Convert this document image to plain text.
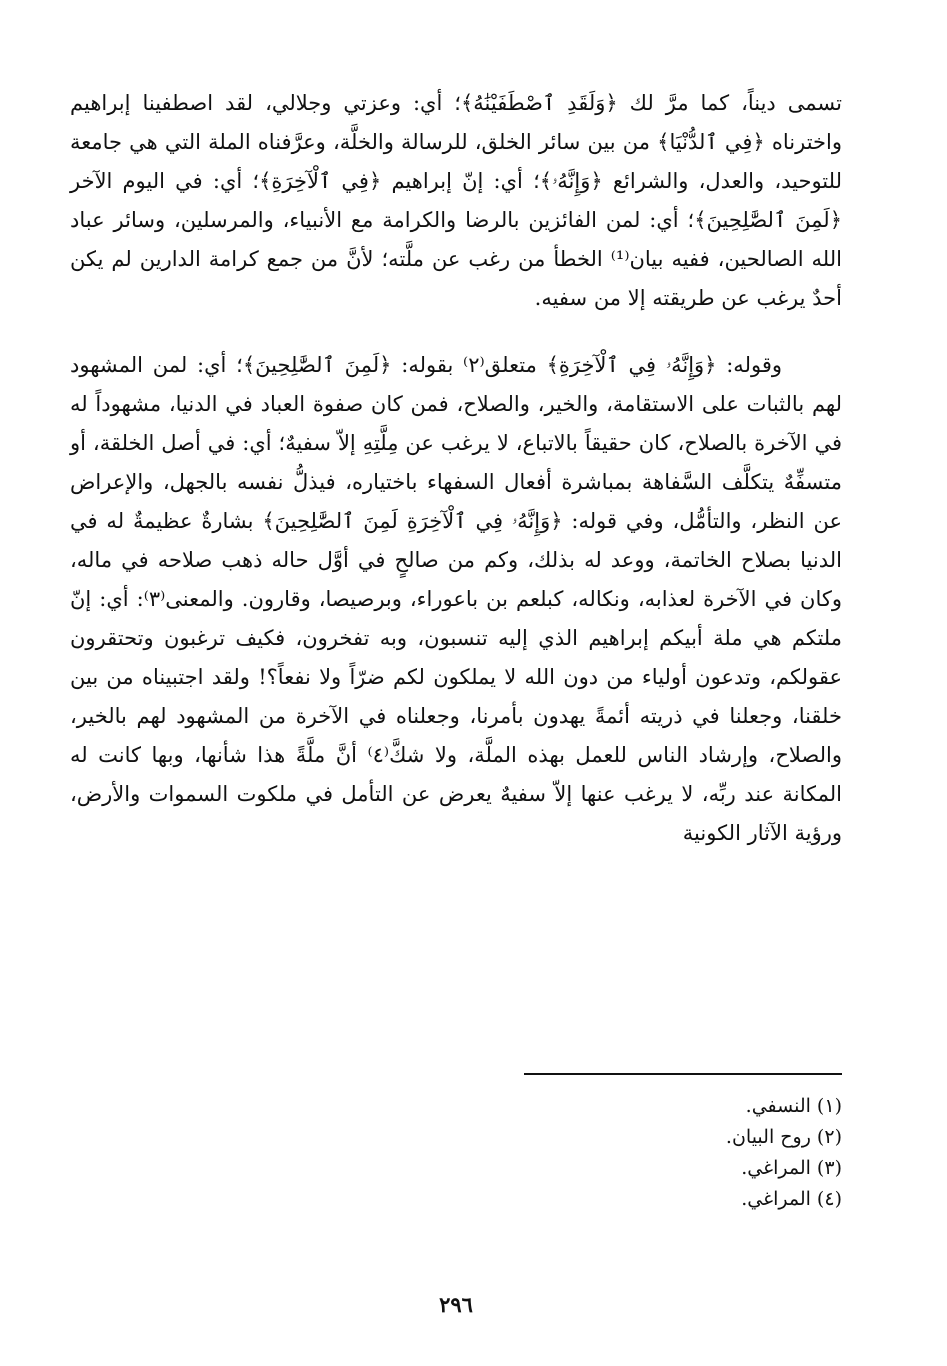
تسمى ديناً، كما مرَّ لك ﴿وَلَقَدِ ٱصْطَفَيْنَٰهُ﴾؛ أي: وعزتي وجلالي، لقد اصطفينا إبراهيم واخترناه ﴿فِي ٱلدُّنْيَا﴾ من بين سائر الخلق، للرسالة والخلَّة، وعرَّفناه الملة التي هي جامعة للتوحيد، والعدل، والشرائع ﴿وَإِنَّهُۥ﴾؛ أي: إنّ إبراهيم ﴿فِي ٱلْآخِرَةِ﴾؛ أي: في اليوم الآخر ﴿لَمِنَ ٱلصَّٰلِحِينَ﴾؛ أي: لمن الفائزين بالرضا والكرامة مع الأنبياء، والمرسلين، وسائر عباد الله الصالحين، ففيه بيان⁽¹⁾ الخطأ من رغب عن ملَّته؛ لأنَّ من جمع كرامة الدارين لم يكن أحدٌ يرغب عن طريقته إلا من سفيه.

وقوله: ﴿وَإِنَّهُۥ فِي ٱلْآخِرَةِ﴾ متعلق⁽٢⁾ بقوله: ﴿لَمِنَ ٱلصَّٰلِحِينَ﴾؛ أي: لمن المشهود لهم بالثبات على الاستقامة، والخير، والصلاح، فمن كان صفوة العباد في الدنيا، مشهوداً له في الآخرة بالصلاح، كان حقيقاً بالاتباع، لا يرغب عن مِلَّتِهِ إلاّ سفيهٌ؛ أي: في أصل الخلقة، أو متسفِّهٌ يتكلَّف السَّفاهة بمباشرة أفعال السفهاء باختياره، فيذلُّ نفسه بالجهل، والإعراض عن النظر، والتأمُّل، وفي قوله: ﴿وَإِنَّهُۥ فِي ٱلْآخِرَةِ لَمِنَ ٱلصَّٰلِحِينَ﴾ بشارةٌ عظيمةٌ له في الدنيا بصلاح الخاتمة، ووعد له بذلك، وكم من صالحٍ في أوَّل حاله ذهب صلاحه في ماله، وكان في الآخرة لعذابه، ونكاله، كبلعم بن باعوراء، وبرصيصا، وقارون. والمعنى⁽٣⁾: أي: إنّ ملتكم هي ملة أبيكم إبراهيم الذي إليه تنسبون، وبه تفخرون، فكيف ترغبون وتحتقرون عقولكم، وتدعون أولياء من دون الله لا يملكون لكم ضرّاً ولا نفعاً؟! ولقد اجتبيناه من بين خلقنا، وجعلنا في ذريته أئمةً يهدون بأمرنا، وجعلناه في الآخرة من المشهود لهم بالخير، والصلاح، وإرشاد الناس للعمل بهذه الملَّة، ولا شكَّ⁽٤⁾ أنَّ ملَّةً هذا شأنها، وبها كانت له المكانة عند ربِّه، لا يرغب عنها إلاّ سفيهٌ يعرض عن التأمل في ملكوت السموات والأرض، ورؤية الآثار الكونية

(١) النسفي.
(٢) روح البيان.
(٣) المراغي.
(٤) المراغي.
٢٩٦
